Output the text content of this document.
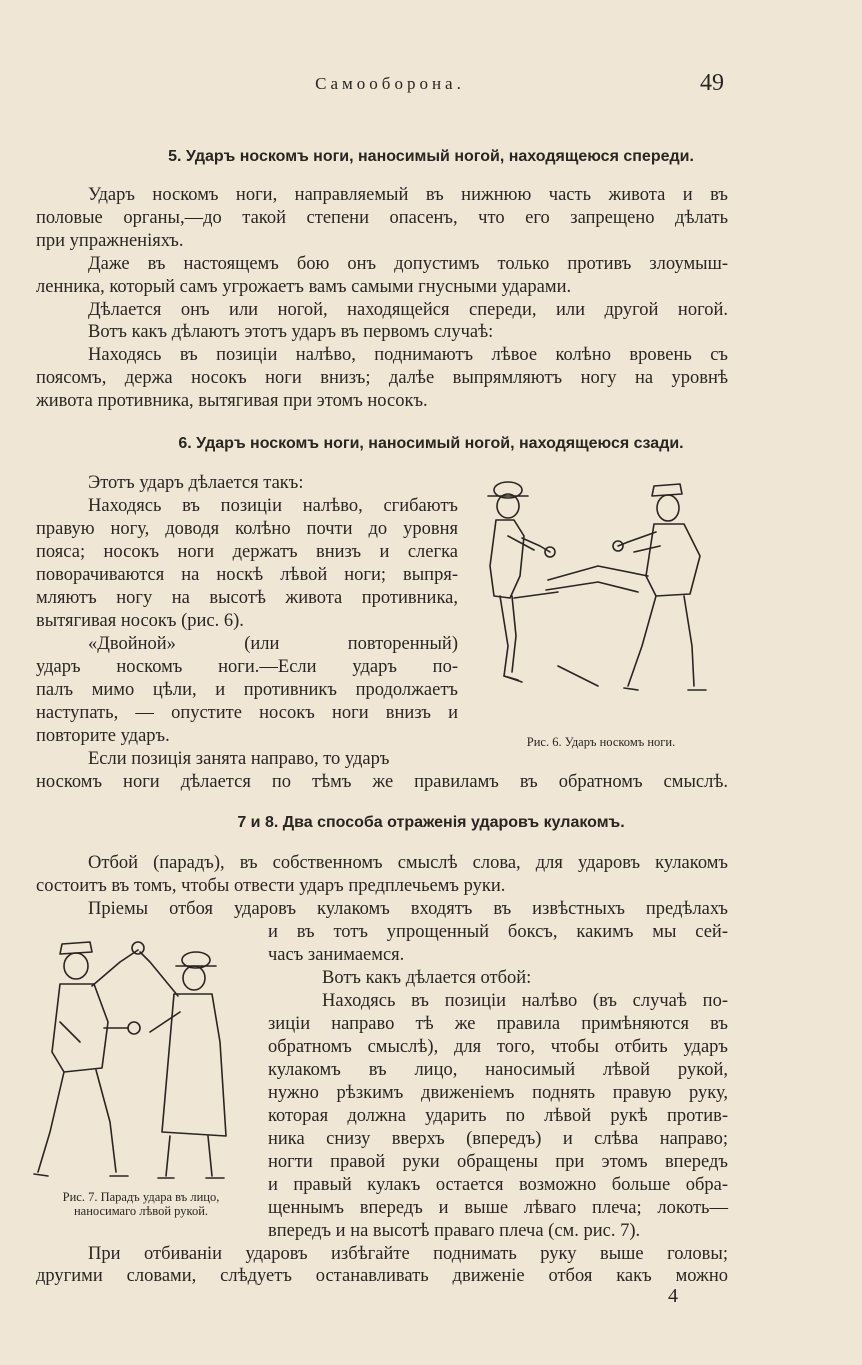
Самооборона.	49
5. Ударъ носкомъ ноги, наносимый ногой, находящеюся спереди.
Ударъ носкомъ ноги, направляемый въ нижнюю часть живота и въ
половые органы,—до такой степени опасенъ, что его запрещено дѣлать
при упражненiяхъ.
Даже въ настоящемъ бою онъ допустимъ только противъ злоумыш-
ленника, который самъ угрожаетъ вамъ самыми гнусными ударами.
Дѣлается онъ или ногой, находящейся спереди, или другой ногой.
Вотъ какъ дѣлаютъ этотъ ударъ въ первомъ случаѣ:
Находясь въ позицiи налѣво, поднимаютъ лѣвое колѣно вровень съ
поясомъ, держа носокъ ноги внизъ; далѣе выпрямляютъ ногу на уровнѣ
живота противника, вытягивая при этомъ носокъ.
6. Ударъ носкомъ ноги, наносимый ногой, находящеюся сзади.
Этотъ ударъ дѣлается такъ:
Находясь въ позицiи налѣво, сгибаютъ
правую ногу, доводя колѣно почти до уровня
пояса; носокъ ноги держатъ внизъ и слегка
поворачиваются на носкѣ лѣвой ноги; выпря-
мляютъ ногу на высотѣ живота противника,
вытягивая носокъ (рис. 6).
«Двойной» (или повторенный)
ударъ носкомъ ноги.—Если ударъ по-
палъ мимо цѣли, и противникъ продолжаетъ
наступать, — опустите носокъ ноги внизъ и
повторите ударъ.
Если позицiя занята направо, то ударъ
носкомъ ноги дѣлается по тѣмъ же правиламъ въ обратномъ смыслѣ.
Рис. 6. Ударъ носкомъ ноги.
7 и 8. Два способа отраженiя ударовъ кулакомъ.
Отбой (парадъ), въ собственномъ смыслѣ слова, для ударовъ кулакомъ
состоитъ въ томъ, чтобы отвести ударъ предплечьемъ руки.
Прiемы отбоя ударовъ кулакомъ входятъ въ извѣстныхъ предѣлахъ
и въ тотъ упрощенный боксъ, какимъ мы сей-
часъ занимаемся.
Вотъ какъ дѣлается отбой:
Находясь въ позицiи налѣво (въ случаѣ по-
зицiи направо тѣ же правила примѣняются въ
обратномъ смыслѣ), для того, чтобы отбить ударъ
кулакомъ въ лицо, наносимый лѣвой рукой,
нужно рѣзкимъ движенiемъ поднять правую руку,
которая должна ударить по лѣвой рукѣ против-
ника снизу вверхъ (впередъ) и слѣва направо;
ногти правой руки обращены при этомъ впередъ
и правый кулакъ остается возможно больше обра-
щеннымъ впередъ и выше лѣваго плеча; локоть—
впередъ и на высотѣ праваго плеча (см. рис. 7).
При отбиванiи ударовъ избѣгайте поднимать руку выше головы;
другими словами, слѣдуетъ останавливать движенiе отбоя какъ можно
Рис. 7. Парадъ удара въ лицо,
наносимаго лѣвой рукой.
4
